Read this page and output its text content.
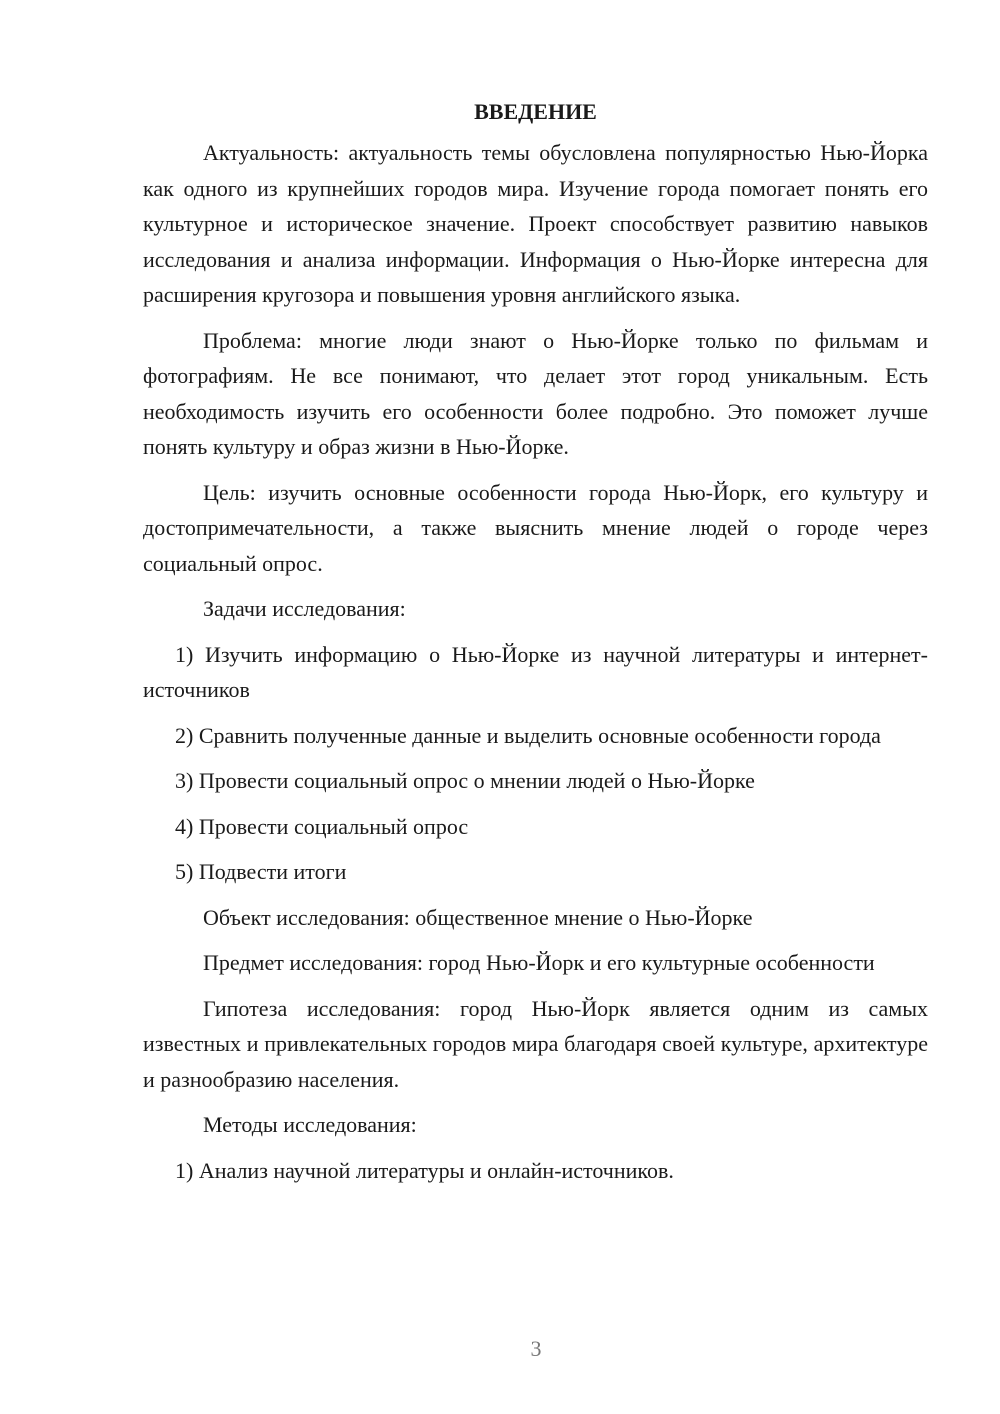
ВВЕДЕНИЕ

Актуальность: актуальность темы обусловлена популярностью Нью-Йорка как одного из крупнейших городов мира. Изучение города помогает понять его культурное и историческое значение. Проект способствует развитию навыков исследования и анализа информации. Информация о Нью-Йорке интересна для расширения кругозора и повышения уровня английского языка.

Проблема: многие люди знают о Нью-Йорке только по фильмам и фотографиям. Не все понимают, что делает этот город уникальным. Есть необходимость изучить его особенности более подробно. Это поможет лучше понять культуру и образ жизни в Нью-Йорке.

Цель: изучить основные особенности города Нью-Йорк, его культуру и достопримечательности, а также выяснить мнение людей о городе через социальный опрос.

Задачи исследования:

1) Изучить информацию о Нью-Йорке из научной литературы и интернет-источников

2) Сравнить полученные данные и выделить основные особенности города

3) Провести социальный опрос о мнении людей о Нью-Йорке

4) Провести социальный опрос

5) Подвести итоги

Объект исследования: общественное мнение о Нью-Йорке

Предмет исследования: город Нью-Йорк и его культурные особенности

Гипотеза исследования: город Нью-Йорк является одним из самых известных и привлекательных городов мира благодаря своей культуре, архитектуре и разнообразию населения.

Методы исследования:

1) Анализ научной литературы и онлайн-источников.

3
